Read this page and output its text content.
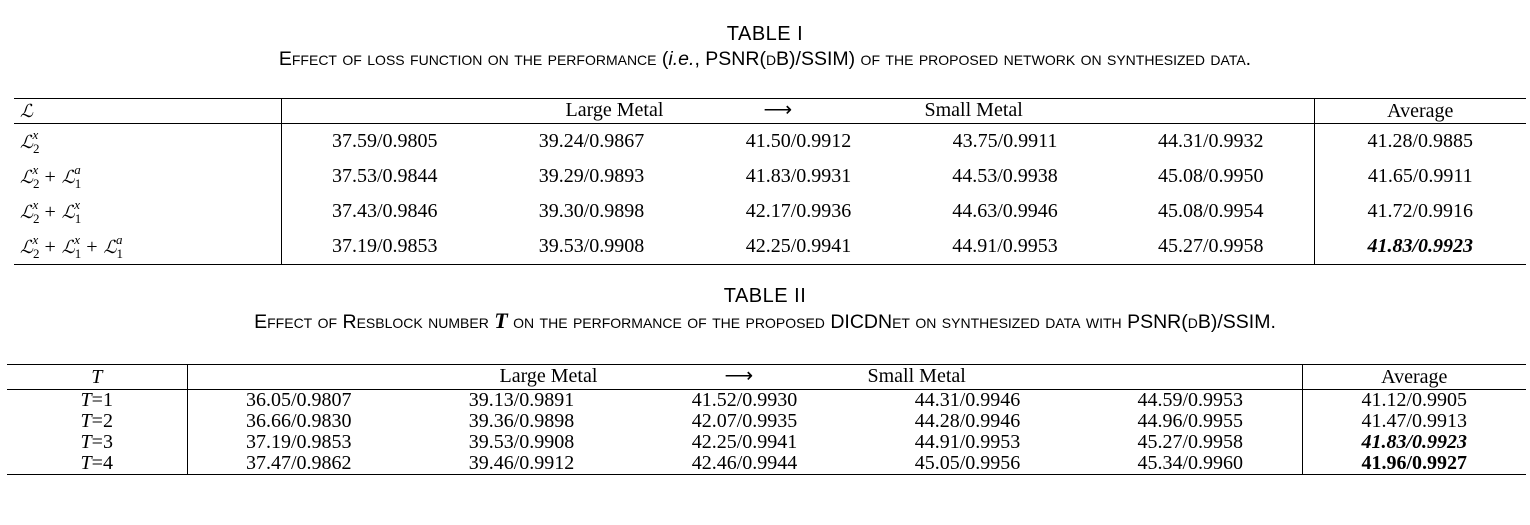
TABLE I
Effect of loss function on the performance (i.e., PSNR(dB)/SSIM) of the proposed network on synthesized data.
ℒ	Large Metal ⟶ Small Metal					Average
ℒ$_2^x$	37.59/0.9805	39.24/0.9867	41.50/0.9912	43.75/0.9911	44.31/0.9932	41.28/0.9885
ℒ$_2^x$ + ℒ$_1^a$	37.53/0.9844	39.29/0.9893	41.83/0.9931	44.53/0.9938	45.08/0.9950	41.65/0.9911
ℒ$_2^x$ + ℒ$_1^x$	37.43/0.9846	39.30/0.9898	42.17/0.9936	44.63/0.9946	45.08/0.9954	41.72/0.9916
ℒ$_2^x$ + ℒ$_1^x$ + ℒ$_1^a$	37.19/0.9853	39.53/0.9908	42.25/0.9941	44.91/0.9953	45.27/0.9958	41.83/0.9923
TABLE II
Effect of Resblock number T on the performance of the proposed DICDNet on synthesized data with PSNR(dB)/SSIM.
T	Large Metal ⟶ Small Metal					Average
T=1	36.05/0.9807	39.13/0.9891	41.52/0.9930	44.31/0.9946	44.59/0.9953	41.12/0.9905
T=2	36.66/0.9830	39.36/0.9898	42.07/0.9935	44.28/0.9946	44.96/0.9955	41.47/0.9913
T=3	37.19/0.9853	39.53/0.9908	42.25/0.9941	44.91/0.9953	45.27/0.9958	41.83/0.9923
T=4	37.47/0.9862	39.46/0.9912	42.46/0.9944	45.05/0.9956	45.34/0.9960	41.96/0.9927
